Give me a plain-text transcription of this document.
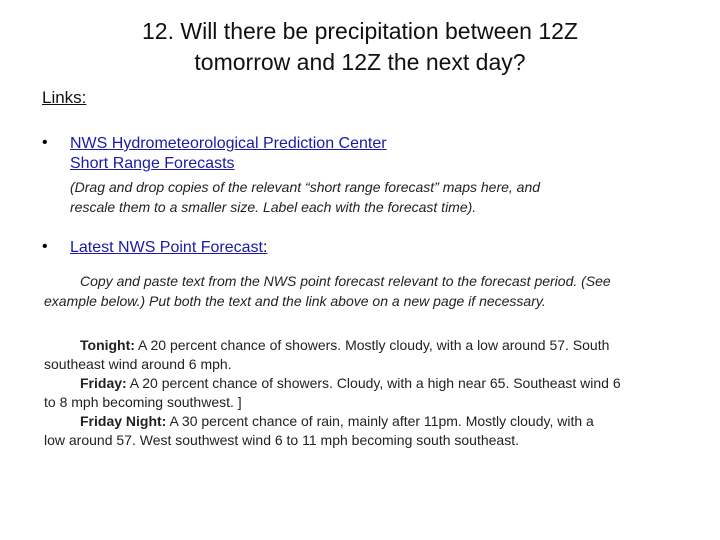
12. Will there be precipitation between 12Z
tomorrow and 12Z the next day?
Links:
• NWS Hydrometeorological Prediction Center
Short Range Forecasts
(Drag and drop copies of the relevant “short range forecast” maps here, and
rescale them to a smaller size. Label each with the forecast time).
• Latest NWS Point Forecast:
Copy and paste text from the NWS point forecast relevant to the forecast period. (See
example below.) Put both the text and the link above on a new page if necessary.
Tonight: A 20 percent chance of showers. Mostly cloudy, with a low around 57. South
southeast wind around 6 mph.
Friday: A 20 percent chance of showers. Cloudy, with a high near 65. Southeast wind 6
to 8 mph becoming southwest. ]
Friday Night: A 30 percent chance of rain, mainly after 11pm. Mostly cloudy, with a
low around 57. West southwest wind 6 to 11 mph becoming south southeast.
